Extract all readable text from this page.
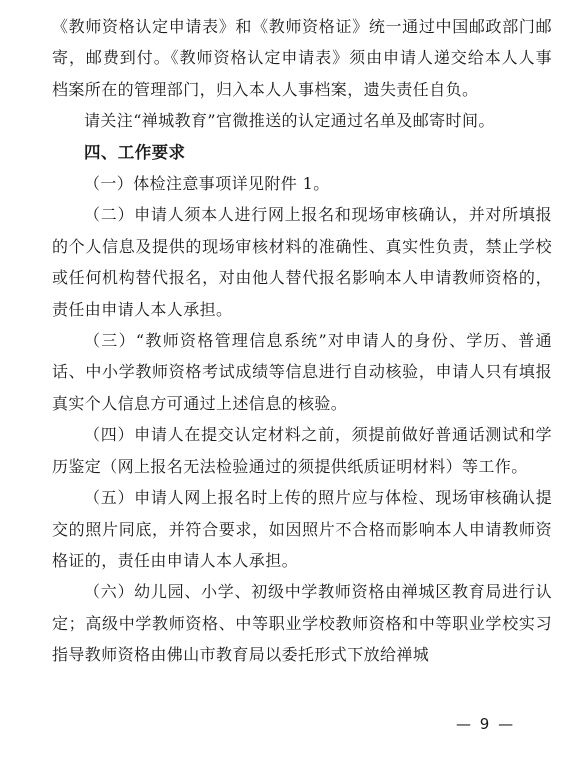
《教师资格认定申请表》和《教师资格证》统一通过中国邮政部门邮寄，邮费到付。《教师资格认定申请表》须由申请人递交给本人人事档案所在的管理部门，归入本人人事档案，遗失责任自负。

请关注“禅城教育”官微推送的认定通过名单及邮寄时间。

四、工作要求

（一）体检注意事项详见附件 1。

（二）申请人须本人进行网上报名和现场审核确认，并对所填报的个人信息及提供的现场审核材料的准确性、真实性负责，禁止学校或任何机构替代报名，对由他人替代报名影响本人申请教师资格的，责任由申请人本人承担。

（三）“教师资格管理信息系统”对申请人的身份、学历、普通话、中小学教师资格考试成绩等信息进行自动核验，申请人只有填报真实个人信息方可通过上述信息的核验。

（四）申请人在提交认定材料之前，须提前做好普通话测试和学历鉴定（网上报名无法检验通过的须提供纸质证明材料）等工作。

（五）申请人网上报名时上传的照片应与体检、现场审核确认提交的照片同底，并符合要求，如因照片不合格而影响本人申请教师资格证的，责任由申请人本人承担。

（六）幼儿园、小学、初级中学教师资格由禅城区教育局进行认定；高级中学教师资格、中等职业学校教师资格和中等职业学校实习指导教师资格由佛山市教育局以委托形式下放给禅城

— 9 —
